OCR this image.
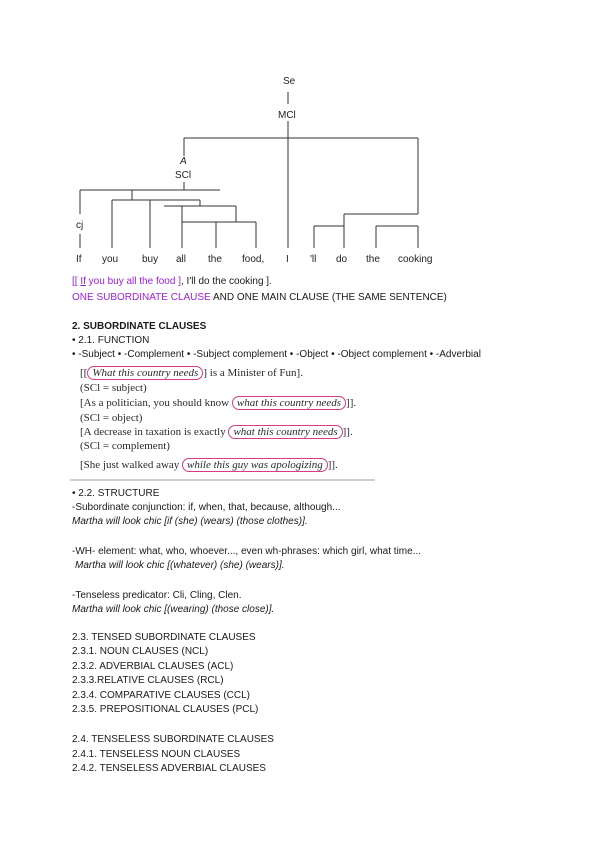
Se
MCl
A
SCl
cj
If you buy all the food, I 'll do the cooking
[[ If you buy all the food ], I'll do the cooking ].
ONE SUBORDINATE CLAUSE AND ONE MAIN CLAUSE (THE SAME SENTENCE)
2. SUBORDINATE CLAUSES
• 2.1. FUNCTION
• -Subject • -Complement • -Subject complement • -Object • -Object complement • -Adverbial
[[ What this country needs ] is a Minister of Fun].
(SCl = subject)
[As a politician, you should know what this country needs ]].
(SCl = object)
[A decrease in taxation is exactly what this country needs ]].
(SCl = complement)
[She just walked away while this guy was apologizing ]].
• 2.2. STRUCTURE
-Subordinate conjunction: if, when, that, because, although...
Martha will look chic [if (she) (wears) (those clothes)].
-WH- element: what, who, whoever..., even wh-phrases: which girl, what time...
Martha will look chic [(whatever) (she) (wears)].
-Tenseless predicator: Cli, Cling, Clen.
Martha will look chic [(wearing) (those close)].
2.3. TENSED SUBORDINATE CLAUSES
2.3.1. NOUN CLAUSES (NCL)
2.3.2. ADVERBIAL CLAUSES (ACL)
2.3.3.RELATIVE CLAUSES (RCL)
2.3.4. COMPARATIVE CLAUSES (CCL)
2.3.5. PREPOSITIONAL CLAUSES (PCL)
2.4. TENSELESS SUBORDINATE CLAUSES
2.4.1. TENSELESS NOUN CLAUSES
2.4.2. TENSELESS ADVERBIAL CLAUSES
